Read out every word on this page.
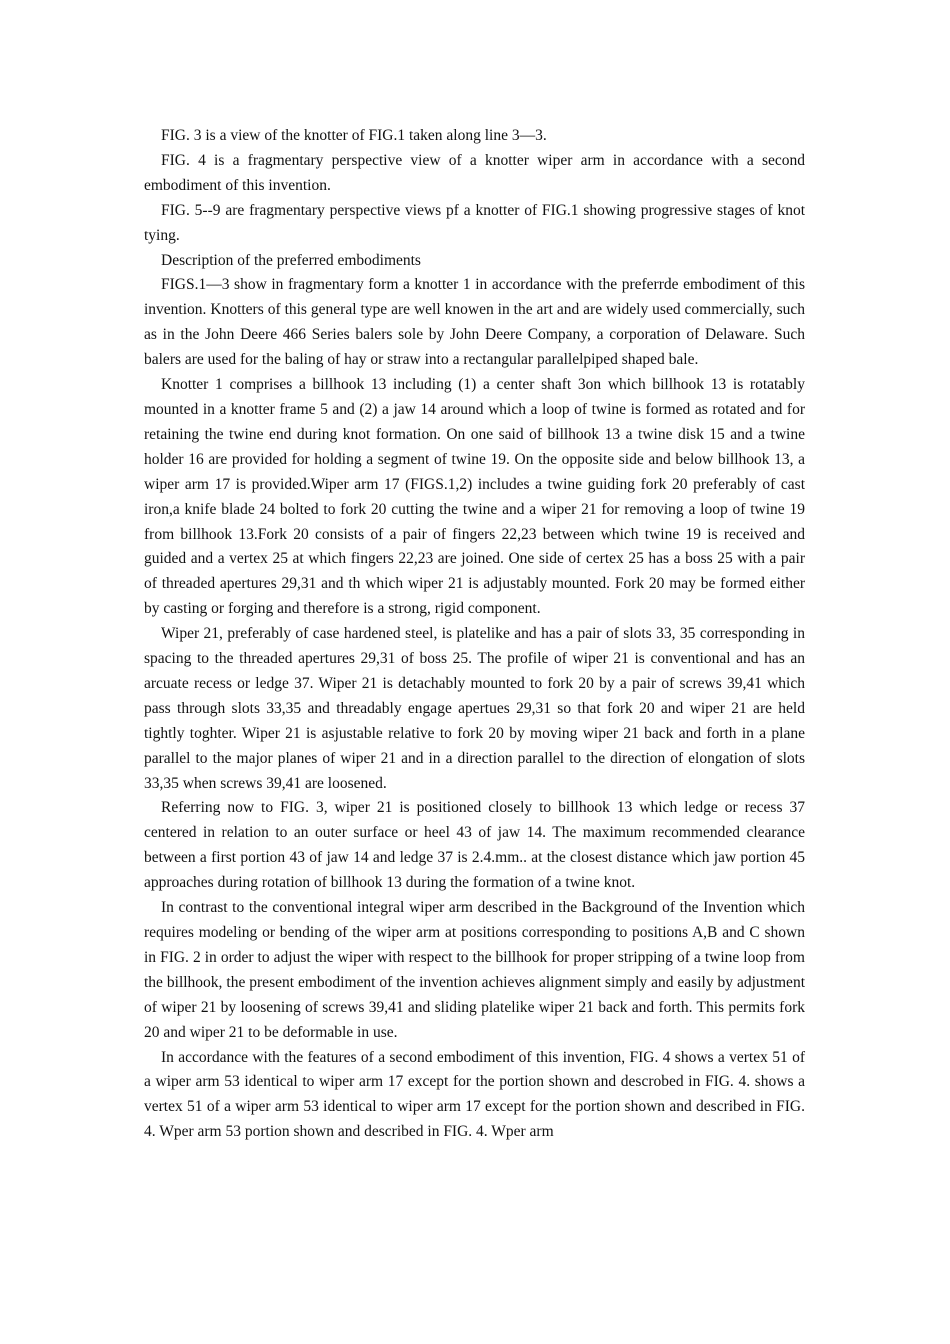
FIG. 3 is a view of the knotter of FIG.1 taken along line 3—3.

FIG. 4 is a fragmentary perspective view of a knotter wiper arm in accordance with a second embodiment of this invention.

FIG. 5--9 are fragmentary perspective views pf a knotter of FIG.1 showing progressive stages of knot tying.

Description of the preferred embodiments

FIGS.1—3 show in fragmentary form a knotter 1 in accordance with the preferrde embodiment of this invention. Knotters of this general type are well knowen in the art and are widely used commercially, such as in the John Deere 466 Series balers sole by John Deere Company, a corporation of Delaware. Such balers are used for the baling of hay or straw into a rectangular parallelpiped shaped bale.

Knotter 1 comprises a billhook 13 including (1) a center shaft 3on which billhook 13 is rotatably mounted in a knotter frame 5 and (2) a jaw 14 around which a loop of twine is formed as rotated and for retaining the twine end during knot formation. On one said of billhook 13 a twine disk 15 and a twine holder 16 are provided for holding a segment of twine 19. On the opposite side and below billhook 13, a wiper arm 17 is provided.Wiper arm 17 (FIGS.1,2) includes a twine guiding fork 20 preferably of cast iron,a knife blade 24 bolted to fork 20 cutting the twine and a wiper 21 for removing a loop of twine 19 from billhook 13.Fork 20 consists of a pair of fingers 22,23 between which twine 19 is received and guided and a vertex 25 at which fingers 22,23 are joined. One side of certex 25 has a boss 25 with a pair of threaded apertures 29,31 and th which wiper 21 is adjustably mounted. Fork 20 may be formed either by casting or forging and therefore is a strong, rigid component.

Wiper 21, preferably of case hardened steel, is platelike and has a pair of slots 33, 35 corresponding in spacing to the threaded apertures 29,31 of boss 25. The profile of wiper 21 is conventional and has an arcuate recess or ledge 37. Wiper 21 is detachably mounted to fork 20 by a pair of screws 39,41 which pass through slots 33,35 and threadably engage apertues 29,31 so that fork 20 and wiper 21 are held tightly toghter. Wiper 21 is asjustable relative to fork 20 by moving wiper 21 back and forth in a plane parallel to the major planes of wiper 21 and in a direction parallel to the direction of elongation of slots 33,35 when screws 39,41 are loosened.

Referring now to FIG. 3, wiper 21 is positioned closely to billhook 13 which ledge or recess 37 centered in relation to an outer surface or heel 43 of jaw 14. The maximum recommended clearance between a first portion 43 of jaw 14 and ledge 37 is 2.4.mm.. at the closest distance which jaw portion 45 approaches during rotation of billhook 13 during the formation of a twine knot.

In contrast to the conventional integral wiper arm described in the Background of the Invention which requires modeling or bending of the wiper arm at positions corresponding to positions A,B and C shown in FIG. 2 in order to adjust the wiper with respect to the billhook for proper stripping of a twine loop from the billhook, the present embodiment of the invention achieves alignment simply and easily by adjustment of wiper 21 by loosening of screws 39,41 and sliding platelike wiper 21 back and forth. This permits fork 20 and wiper 21 to be deformable in use.

In accordance with the features of a second embodiment of this invention, FIG. 4 shows a vertex 51 of a wiper arm 53 identical to wiper arm 17 except for the portion shown and descrobed in FIG. 4. shows a vertex 51 of a wiper arm 53 identical to wiper arm 17 except for the portion shown and described in FIG. 4. Wper arm 53 portion shown and described in FIG. 4. Wper arm
